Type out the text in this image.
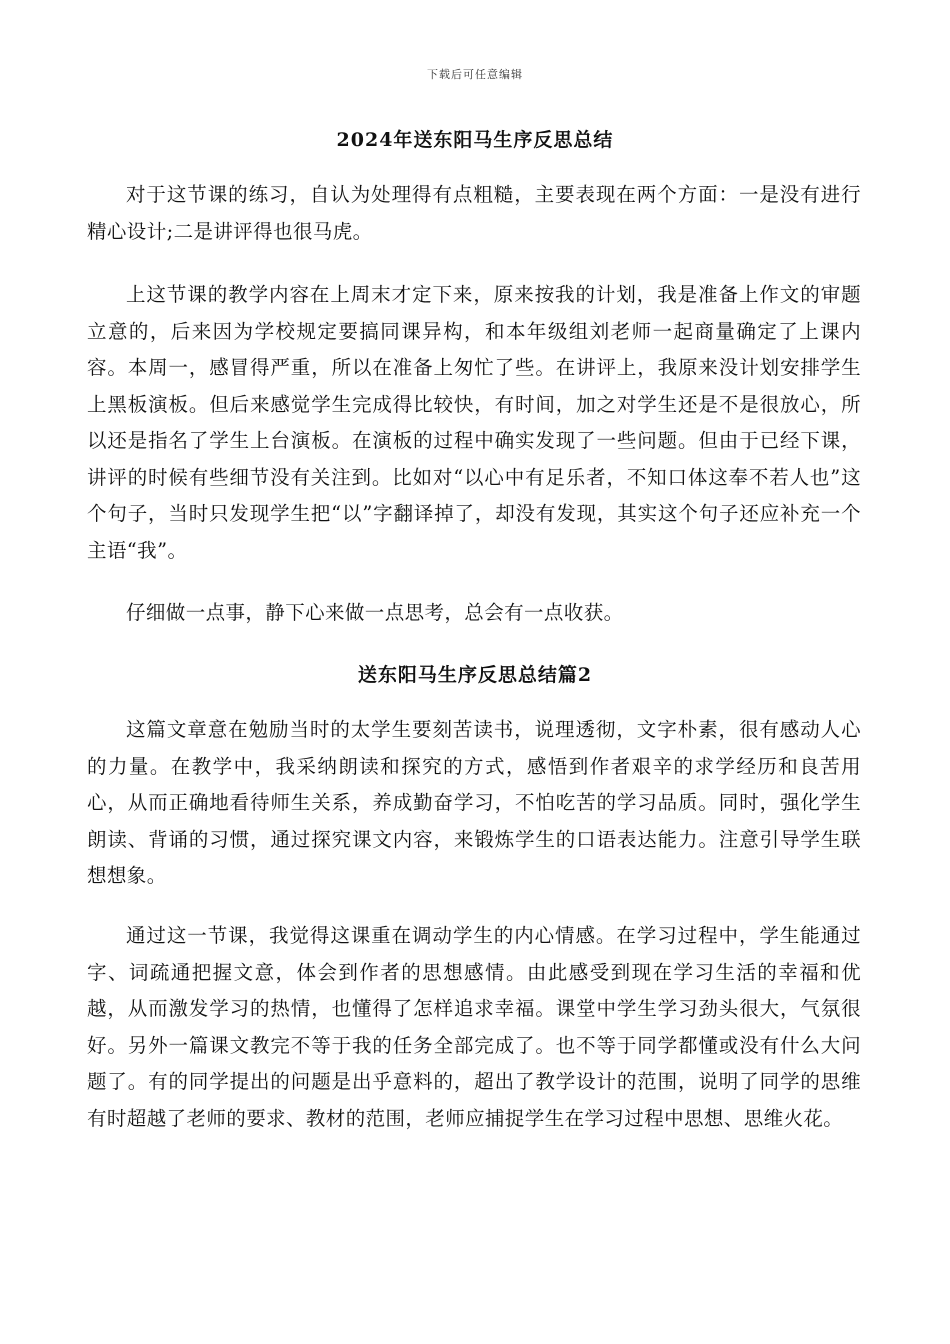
下载后可任意编辑
2024年送东阳马生序反思总结

对于这节课的练习，自认为处理得有点粗糙，主要表现在两个方面：一是没有进行精心设计;二是讲评得也很马虎。

上这节课的教学内容在上周末才定下来，原来按我的计划，我是准备上作文的审题立意的，后来因为学校规定要搞同课异构，和本年级组刘老师一起商量确定了上课内容。本周一，感冒得严重，所以在准备上匆忙了些。在讲评上，我原来没计划安排学生上黑板演板。但后来感觉学生完成得比较快，有时间，加之对学生还是不是很放心，所以还是指名了学生上台演板。在演板的过程中确实发现了一些问题。但由于已经下课，讲评的时候有些细节没有关注到。比如对“以心中有足乐者，不知口体这奉不若人也”这个句子，当时只发现学生把“以”字翻译掉了，却没有发现，其实这个句子还应补充一个主语“我”。

仔细做一点事，静下心来做一点思考，总会有一点收获。

送东阳马生序反思总结篇2

这篇文章意在勉励当时的太学生要刻苦读书，说理透彻，文字朴素，很有感动人心的力量。在教学中，我采纳朗读和探究的方式，感悟到作者艰辛的求学经历和良苦用心，从而正确地看待师生关系，养成勤奋学习，不怕吃苦的学习品质。同时，强化学生朗读、背诵的习惯，通过探究课文内容，来锻炼学生的口语表达能力。注意引导学生联想想象。

通过这一节课，我觉得这课重在调动学生的内心情感。在学习过程中，学生能通过字、词疏通把握文意，体会到作者的思想感情。由此感受到现在学习生活的幸福和优越，从而激发学习的热情，也懂得了怎样追求幸福。课堂中学生学习劲头很大，气氛很好。另外一篇课文教完不等于我的任务全部完成了。也不等于同学都懂或没有什么大问题了。有的同学提出的问题是出乎意料的，超出了教学设计的范围，说明了同学的思维有时超越了老师的要求、教材的范围，老师应捕捉学生在学习过程中思想、思维火花。
